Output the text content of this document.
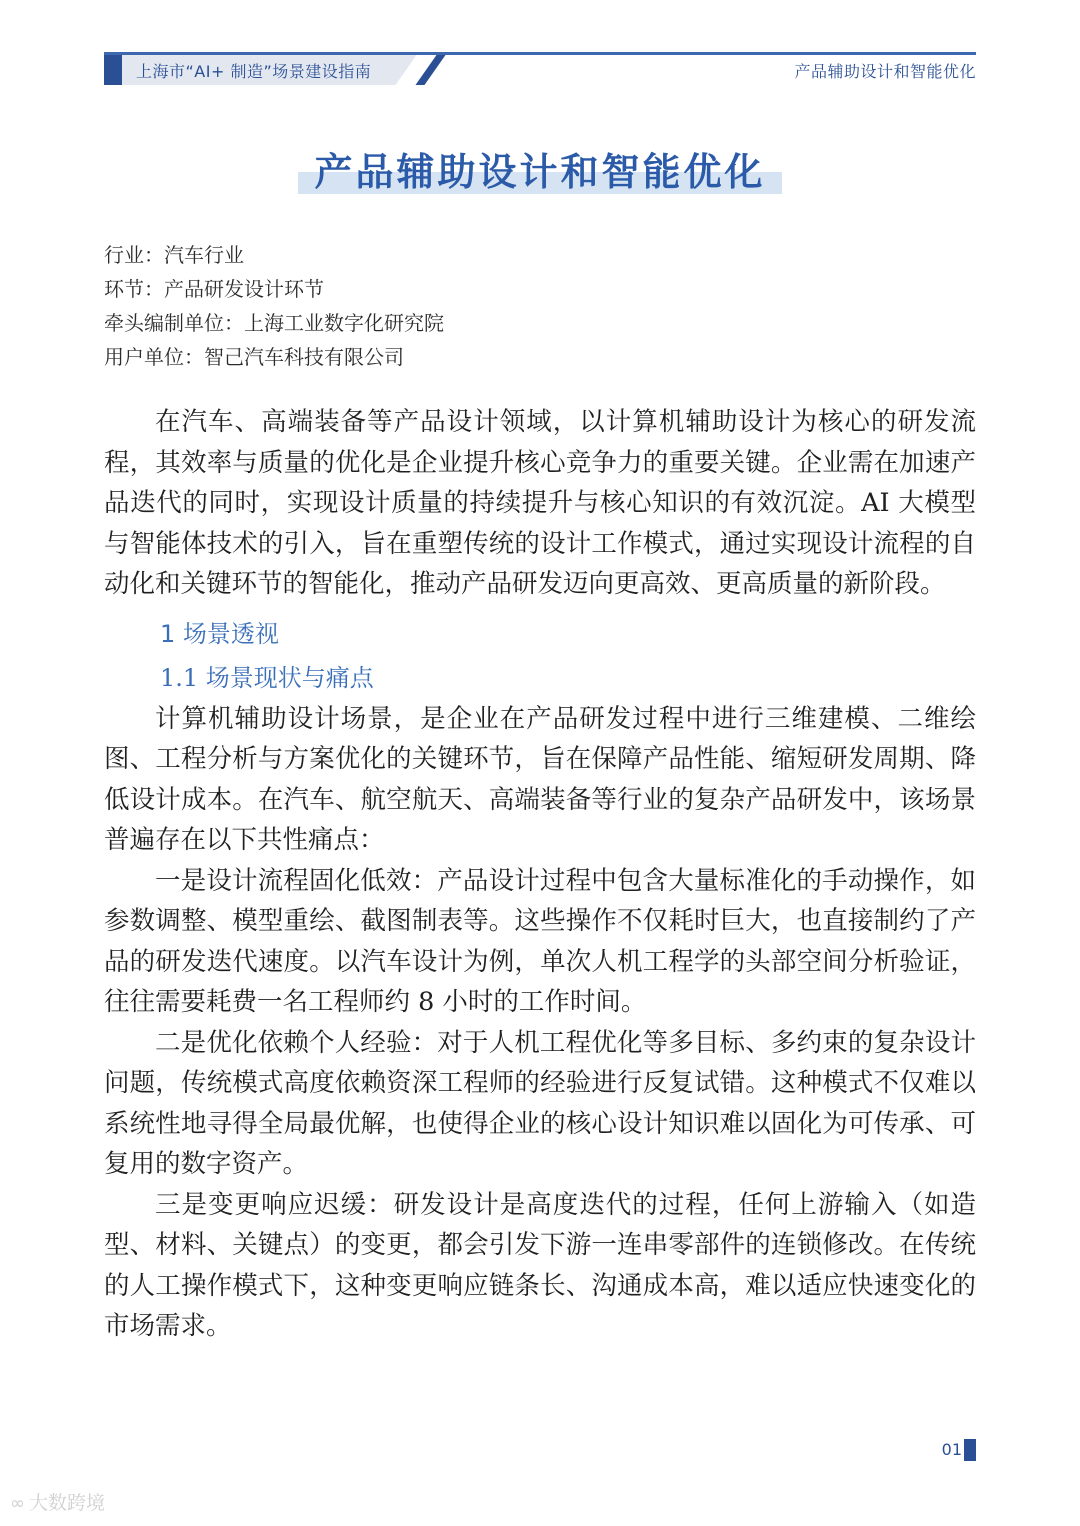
上海市“AI+ 制造”场景建设指南	产品辅助设计和智能优化
产品辅助设计和智能优化
行业：汽车行业
环节：产品研发设计环节
牵头编制单位：上海工业数字化研究院
用户单位：智己汽车科技有限公司

在汽车、高端装备等产品设计领域，以计算机辅助设计为核心的研发流程，其效率与质量的优化是企业提升核心竞争力的重要关键。企业需在加速产品迭代的同时，实现设计质量的持续提升与核心知识的有效沉淀。AI 大模型与智能体技术的引入，旨在重塑传统的设计工作模式，通过实现设计流程的自动化和关键环节的智能化，推动产品研发迈向更高效、更高质量的新阶段。

1 场景透视
1.1 场景现状与痛点

计算机辅助设计场景，是企业在产品研发过程中进行三维建模、二维绘图、工程分析与方案优化的关键环节，旨在保障产品性能、缩短研发周期、降低设计成本。在汽车、航空航天、高端装备等行业的复杂产品研发中，该场景普遍存在以下共性痛点：

一是设计流程固化低效：产品设计过程中包含大量标准化的手动操作，如参数调整、模型重绘、截图制表等。这些操作不仅耗时巨大，也直接制约了产品的研发迭代速度。以汽车设计为例，单次人机工程学的头部空间分析验证，往往需要耗费一名工程师约 8 小时的工作时间。

二是优化依赖个人经验：对于人机工程优化等多目标、多约束的复杂设计问题，传统模式高度依赖资深工程师的经验进行反复试错。这种模式不仅难以系统性地寻得全局最优解，也使得企业的核心设计知识难以固化为可传承、可复用的数字资产。

三是变更响应迟缓：研发设计是高度迭代的过程，任何上游输入（如造型、材料、关键点）的变更，都会引发下游一连串零部件的连锁修改。在传统的人工操作模式下，这种变更响应链条长、沟通成本高，难以适应快速变化的市场需求。

01
∞ 大数跨境
